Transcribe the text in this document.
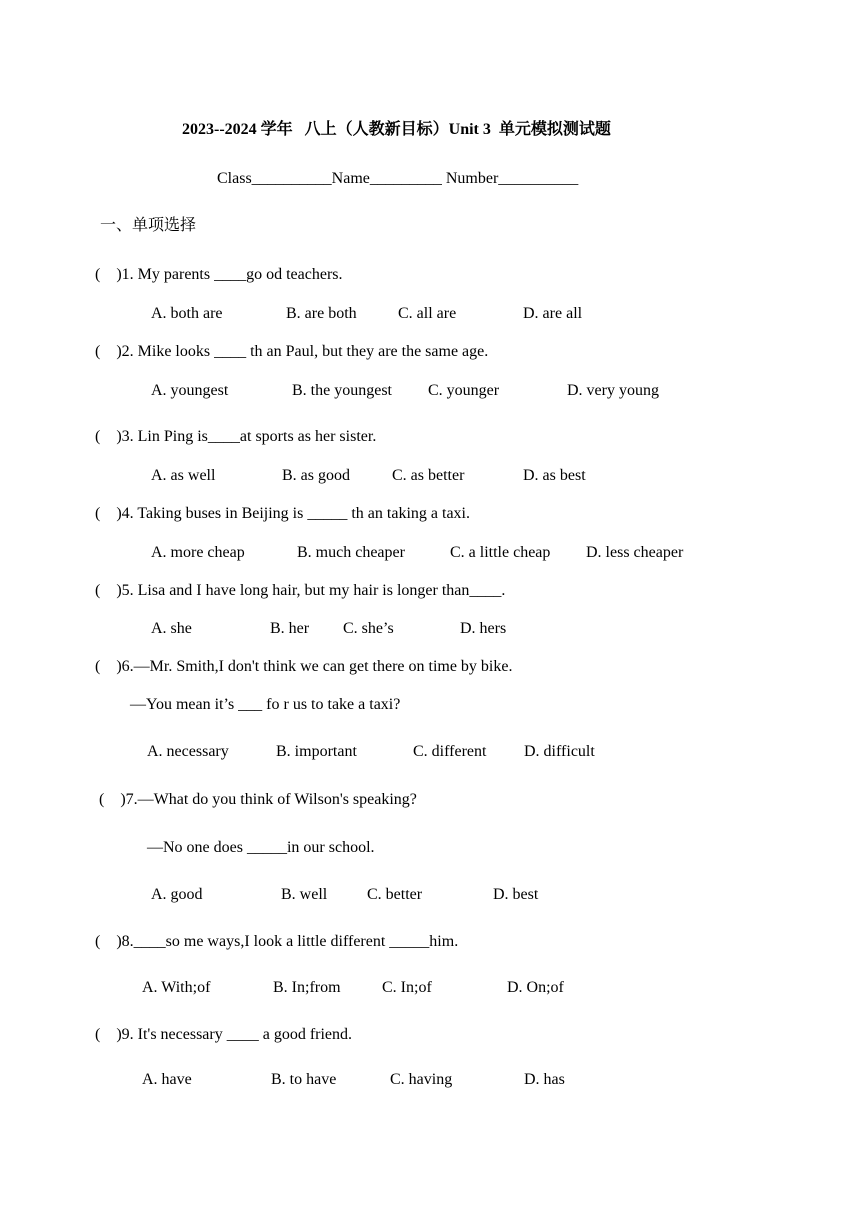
2023--2024 学年   八上（人教新目标）Unit 3  单元模拟测试题
Class__________Name_________ Number__________
一、单项选择
(    )1. My parents ____go od teachers.
A. both are	B. are both	C. all are	D. are all
(    )2. Mike looks ____ th an Paul, but they are the same age.
A. youngest	B. the youngest C. younger	D. very young
(    )3. Lin Ping is____at sports as her sister.
A. as well	B. as good	C. as better	D. as best
(    )4. Taking buses in Beijing is _____ th an taking a taxi.
A. more cheap	B. much cheaper	C. a little cheap D. less cheaper
(    )5. Lisa and I have long hair, but my hair is longer than____.
A. she	B. her C. she’s	D. hers
(    )6.—Mr. Smith,I don't think we can get there on time by bike.
—You mean it’s ___ fo r us to take a taxi?
A. necessary	B. important	C. different D. difficult
(    )7.—What do you think of Wilson's speaking?
—No one does _____in our school.
A. good	B. well C. better	D. best
(    )8.____so me ways,I look a little different _____him.
A. With;of	B. In;from	C. In;of	D. On;of
(    )9. It's necessary ____ a good friend.
A. have	B. to have	C. having	D. has
